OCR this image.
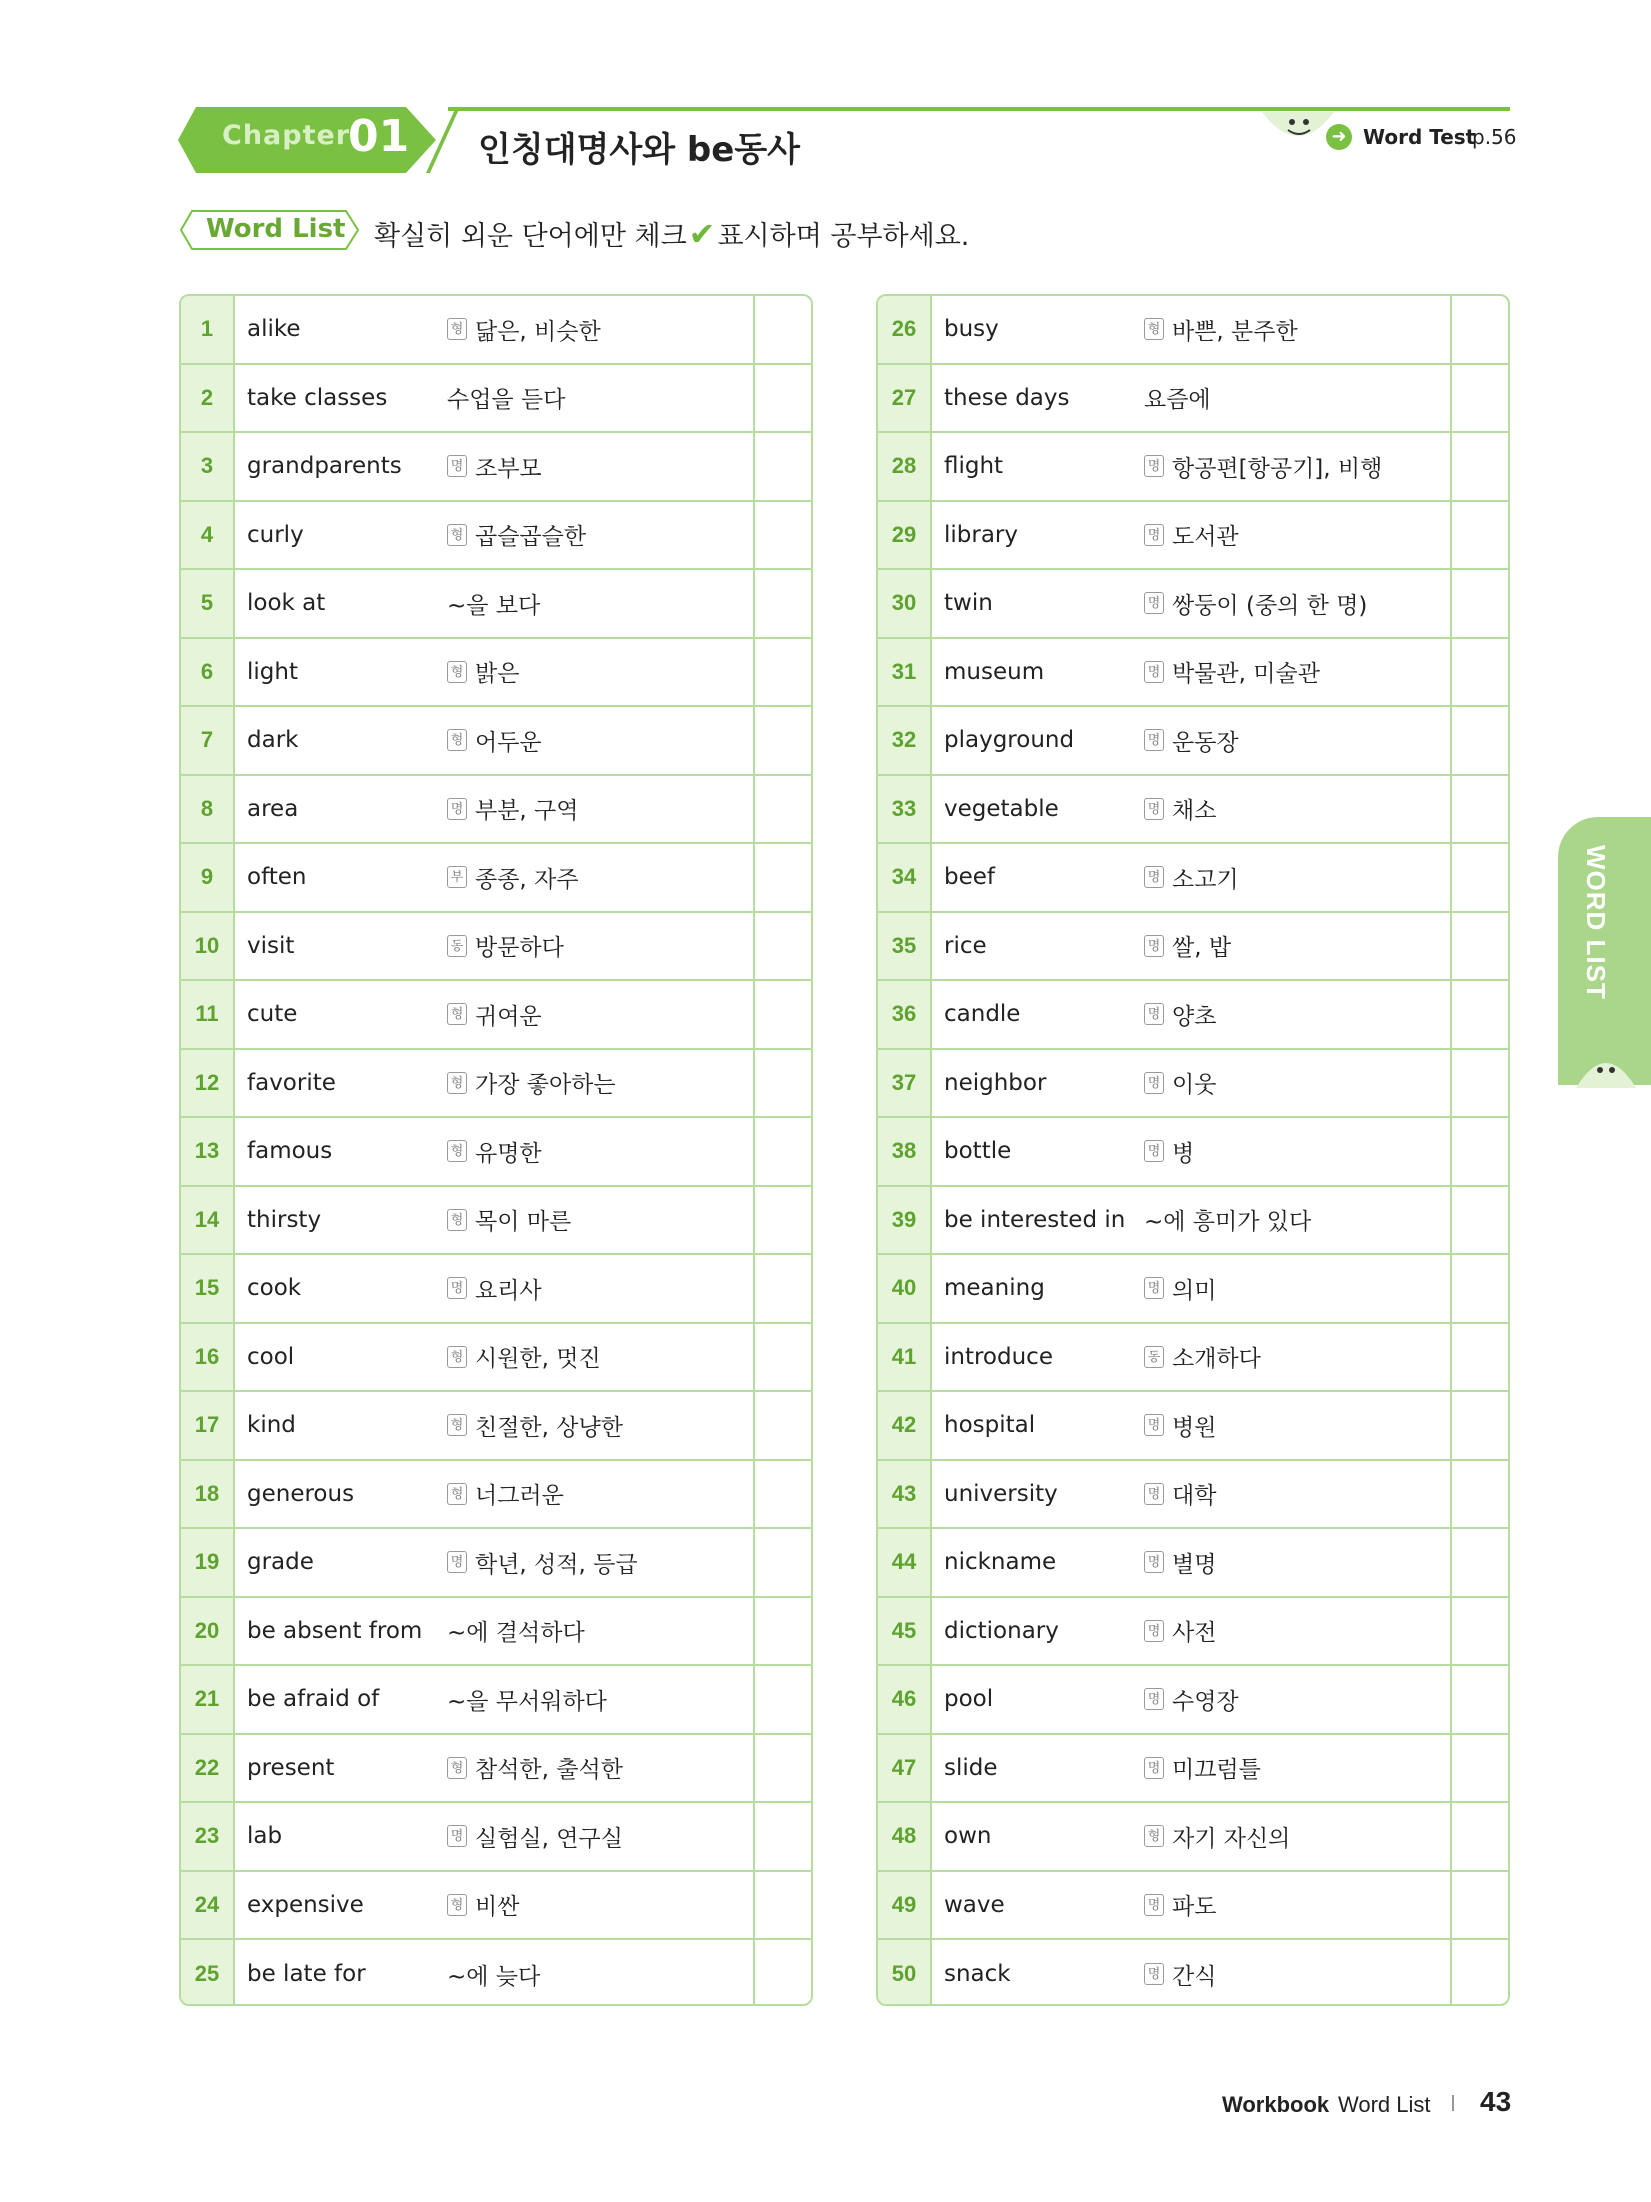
Chapter
01 인칭대명사와 be동사	➜ Word Test
p.56
Word List 확실히 외운 단어에만 체크 ✔ 표시하며 공부하세요.
1	alike	형 닮은, 비슷한
2	take classes	수업을 듣다
3	grandparents	명 조부모
4	curly	형 곱슬곱슬한
5	look at	~을 보다
6	light	형 밝은
7	dark	형 어두운
8	area	명 부분, 구역
9	often	부 종종, 자주
10	visit	동 방문하다
11	cute	형 귀여운
12	favorite	형 가장 좋아하는
13	famous	형 유명한
14	thirsty	형 목이 마른
15	cook	명 요리사
16	cool	형 시원한, 멋진
17	kind	형 친절한, 상냥한
18	generous	형 너그러운
19	grade	명 학년, 성적, 등급
20	be absent from	~에 결석하다
21	be afraid of	~을 무서워하다
22	present	형 참석한, 출석한
23	lab	명 실험실, 연구실
24	expensive	형 비싼
25	be late for	~에 늦다
26	busy	형 바쁜, 분주한
27	these days	요즘에
28	flight	명 항공편[항공기], 비행
29	library	명 도서관
30	twin	명 쌍둥이 (중의 한 명)
31	museum	명 박물관, 미술관
32	playground	명 운동장
33	vegetable	명 채소
34	beef	명 소고기
35	rice	명 쌀, 밥
36	candle	명 양초
37	neighbor	명 이웃
38	bottle	명 병
39	be interested in ~에 흥미가 있다
40	meaning	명 의미
41	introduce	동 소개하다
42	hospital	명 병원
43	university	명 대학
44	nickname	명 별명
45	dictionary	명 사전
46	pool	명 수영장
47	slide	명 미끄럼틀
48	own	형 자기 자신의
49	wave	명 파도
50	snack	명 간식
WORD LIST
Workbook Word List 43
